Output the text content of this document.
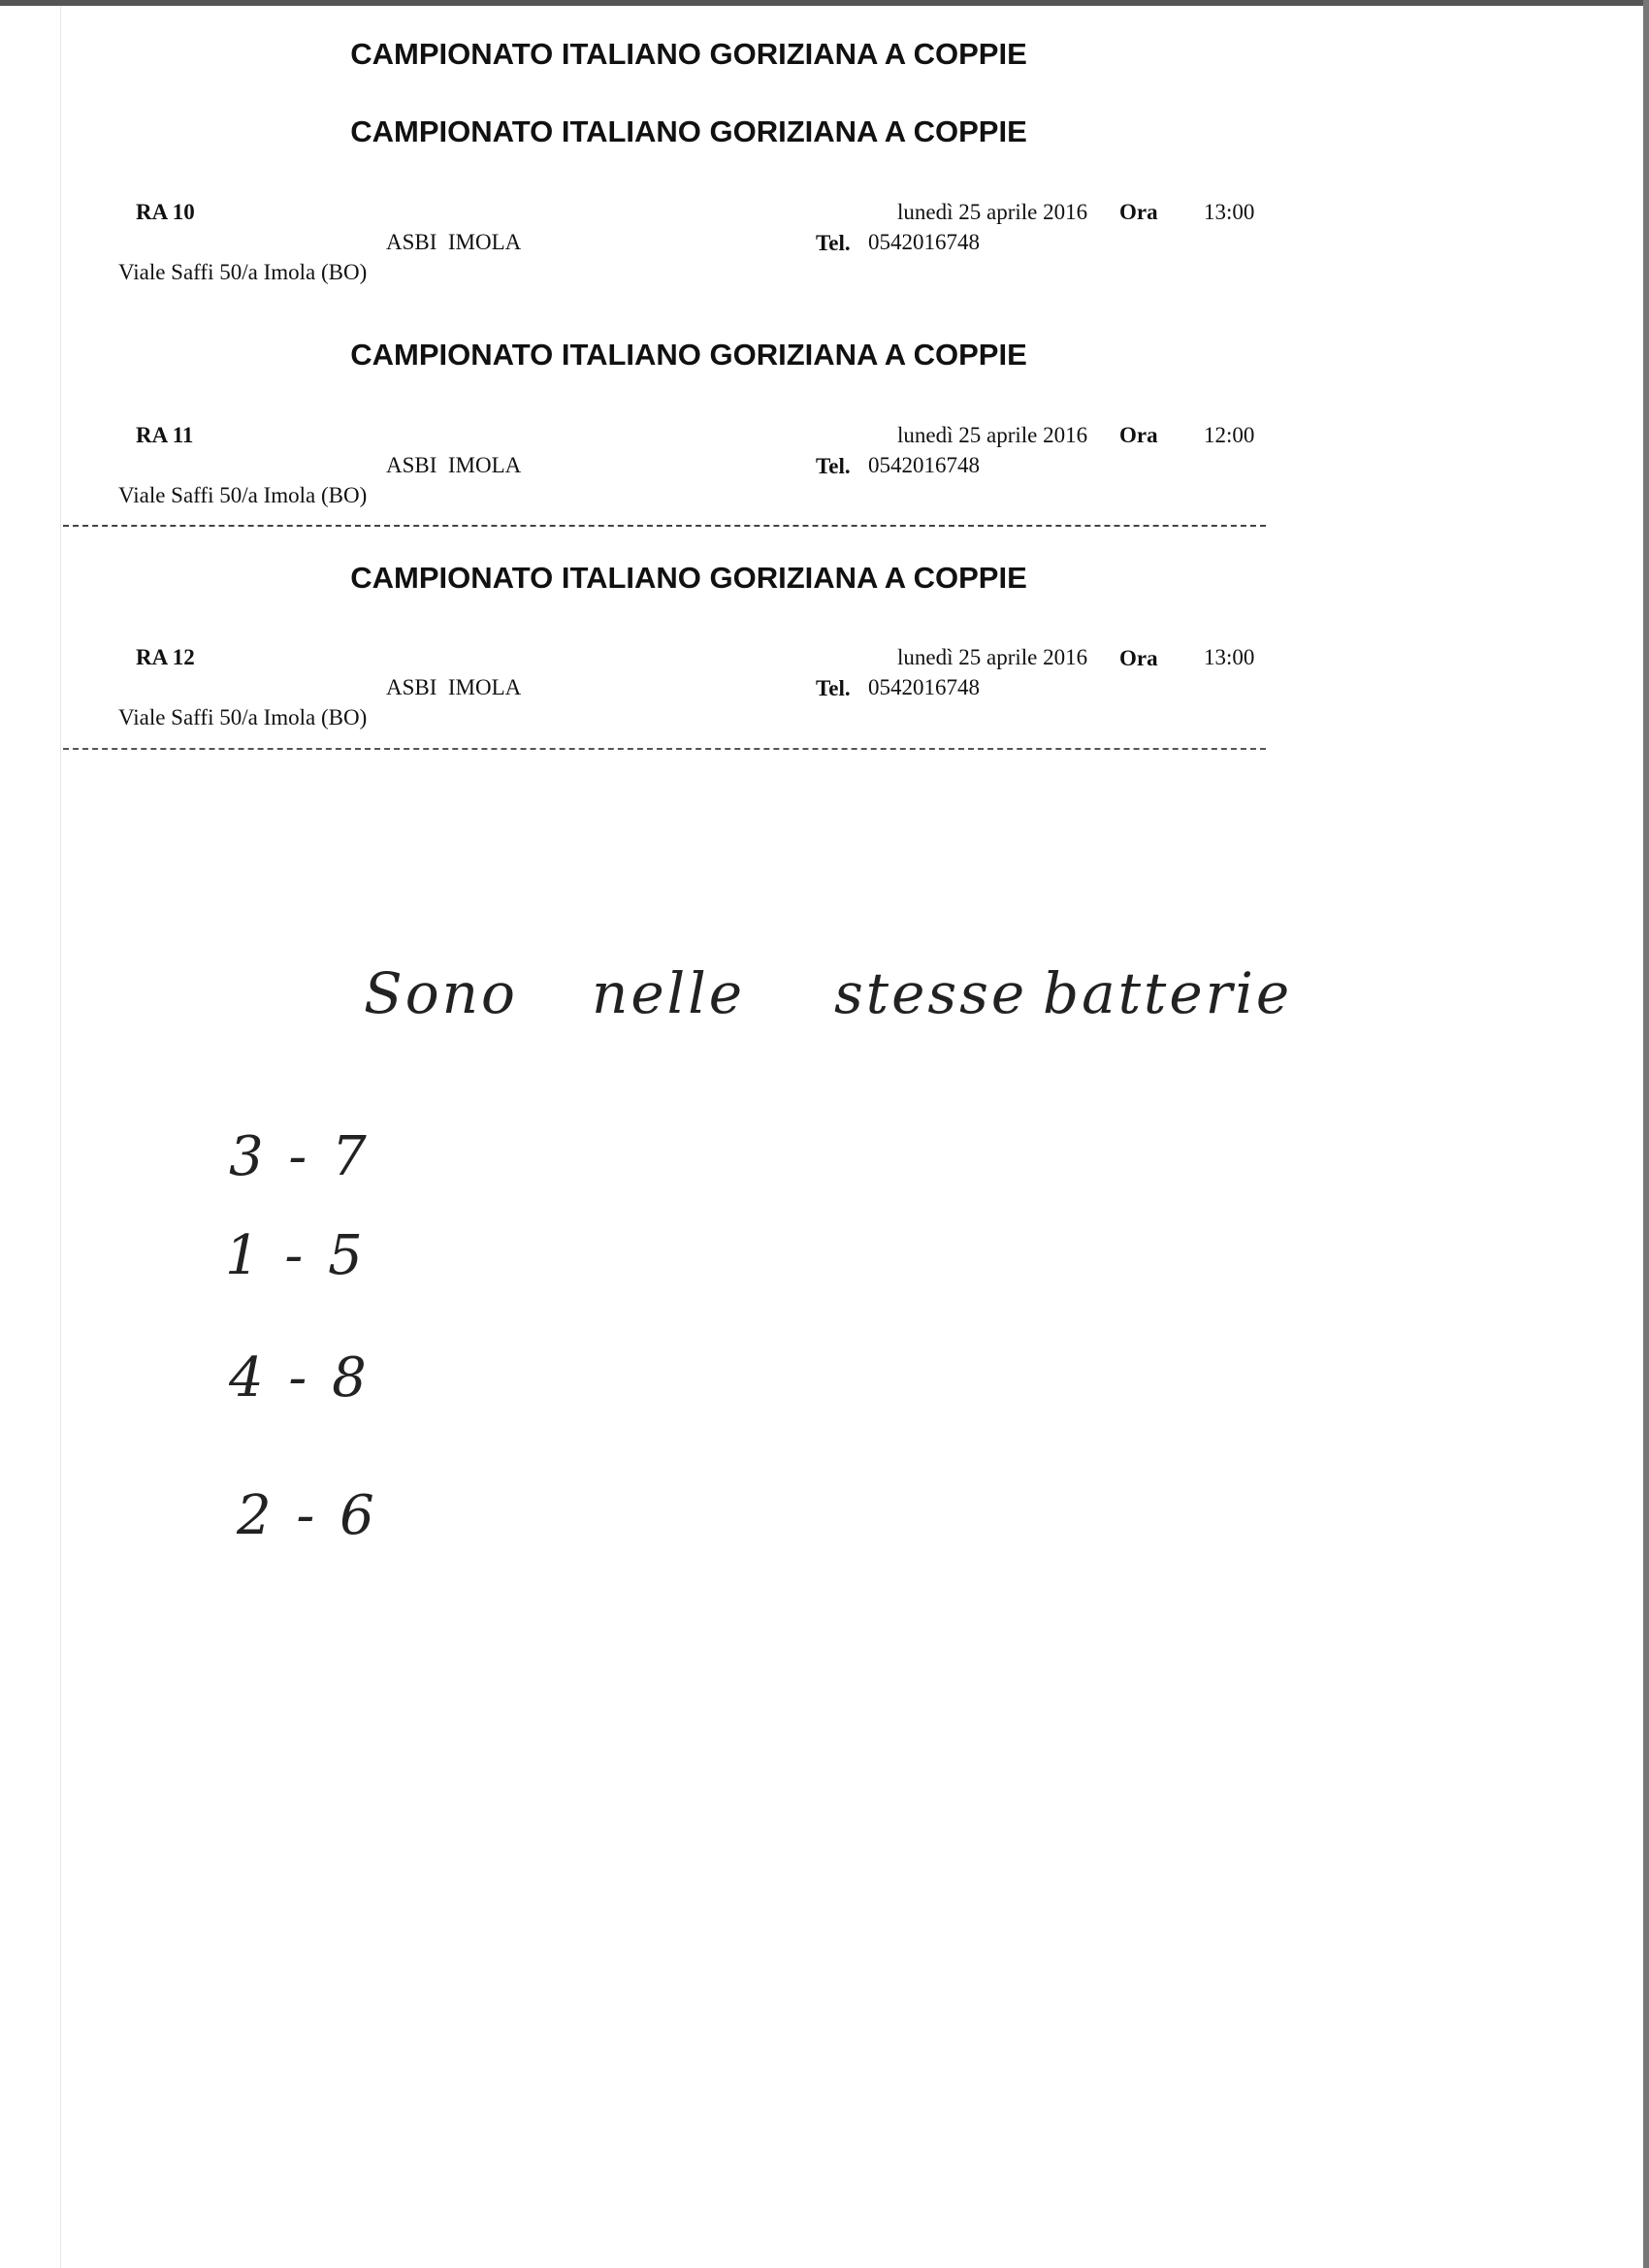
CAMPIONATO ITALIANO GORIZIANA A COPPIE
CAMPIONATO ITALIANO GORIZIANA A COPPIE
RA 10	lunedì 25 aprile 2016 Ora 13:00
ASBI  IMOLA	Tel. 0542016748
Viale Saffi 50/a Imola (BO)
CAMPIONATO ITALIANO GORIZIANA A COPPIE
RA 11	lunedì 25 aprile 2016 Ora 12:00
ASBI  IMOLA	Tel. 0542016748
Viale Saffi 50/a Imola (BO)
CAMPIONATO ITALIANO GORIZIANA A COPPIE
RA 12	lunedì 25 aprile 2016 Ora 13:00
ASBI  IMOLA	Tel. 0542016748
Viale Saffi 50/a Imola (BO)
Sono nelle stesse batterie
3 - 7
1 - 5
4 - 8
2 - 6
